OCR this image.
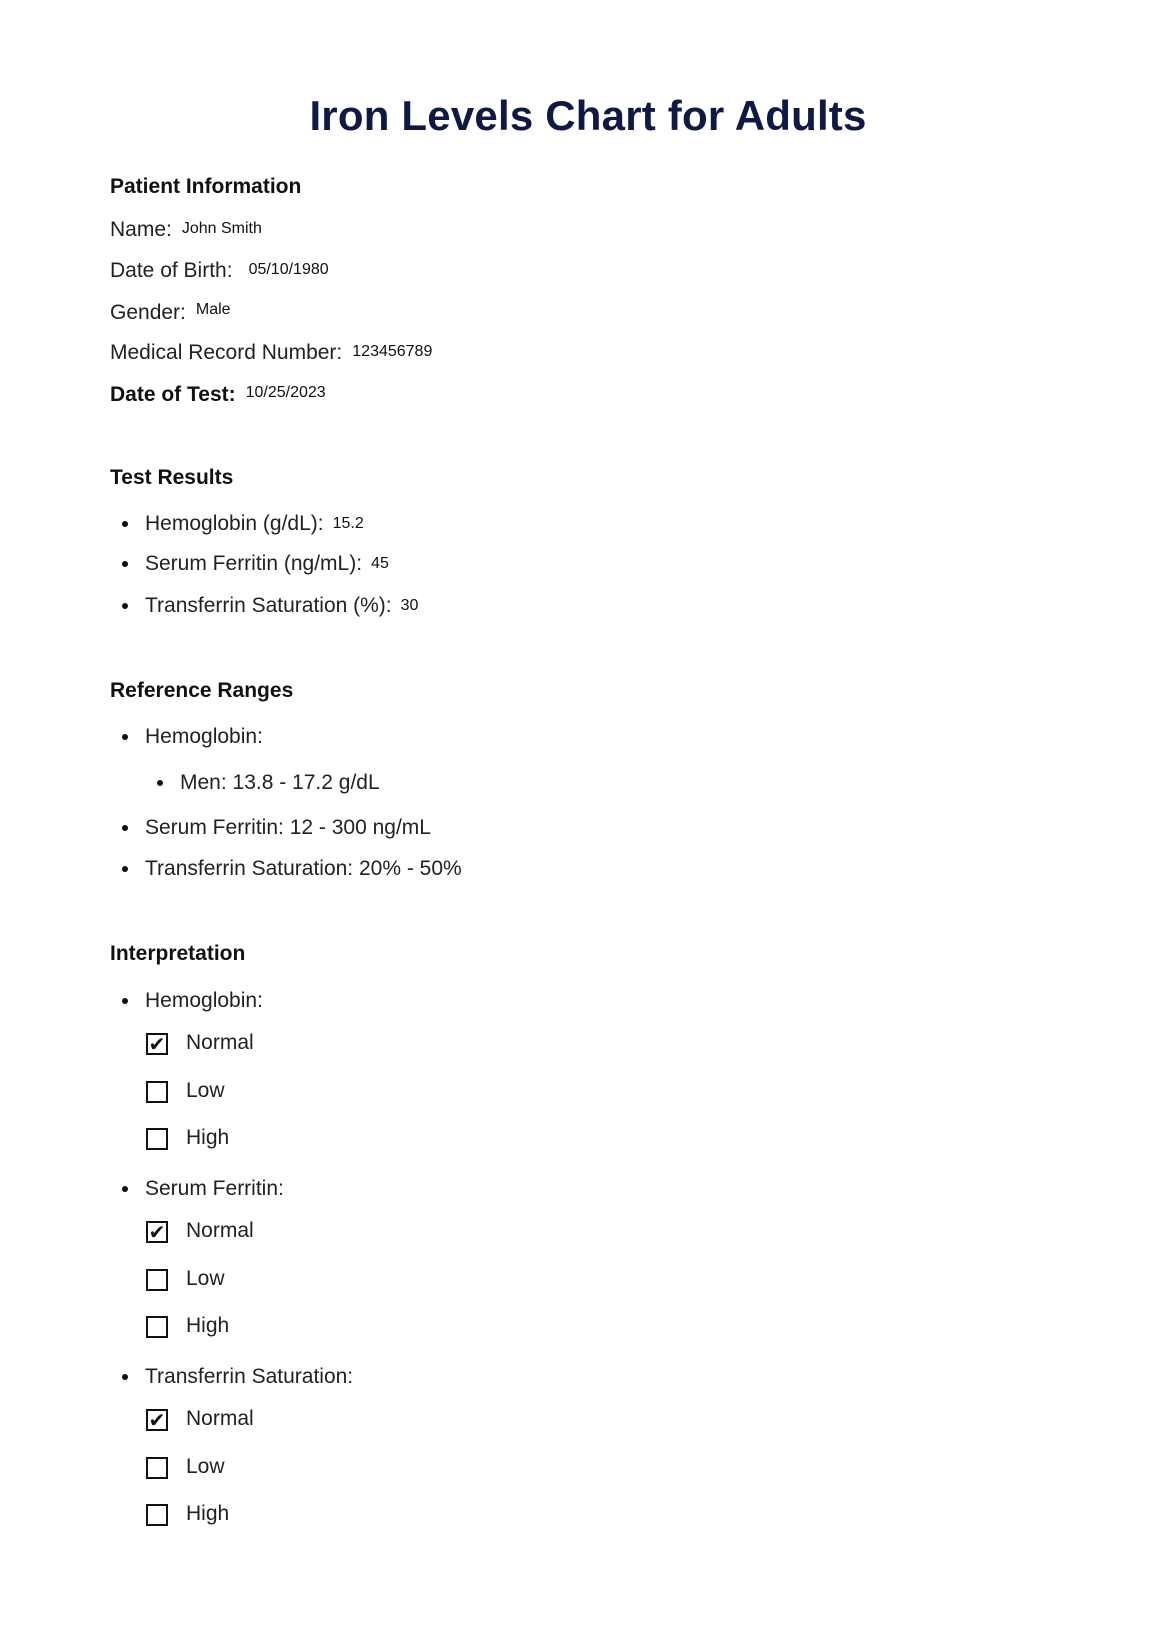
Iron Levels Chart for Adults
Patient Information
Name: John Smith
Date of Birth: 05/10/1980
Gender: $^{Male}$
Medical Record Number: 123456789
Date of Test: 10/25/2023
Test Results
Hemoglobin (g/dL): 15.2
Serum Ferritin (ng/mL): 45
Transferrin Saturation (%): 30
Reference Ranges
Hemoglobin:
Men: 13.8 - 17.2 g/dL
Serum Ferritin: 12 - 300 ng/mL
Transferrin Saturation: 20% - 50%
Interpretation
Hemoglobin:
✔ Normal
Low
High
Serum Ferritin:
✔ Normal
Low
High
Transferrin Saturation:
✔ Normal
Low
High
